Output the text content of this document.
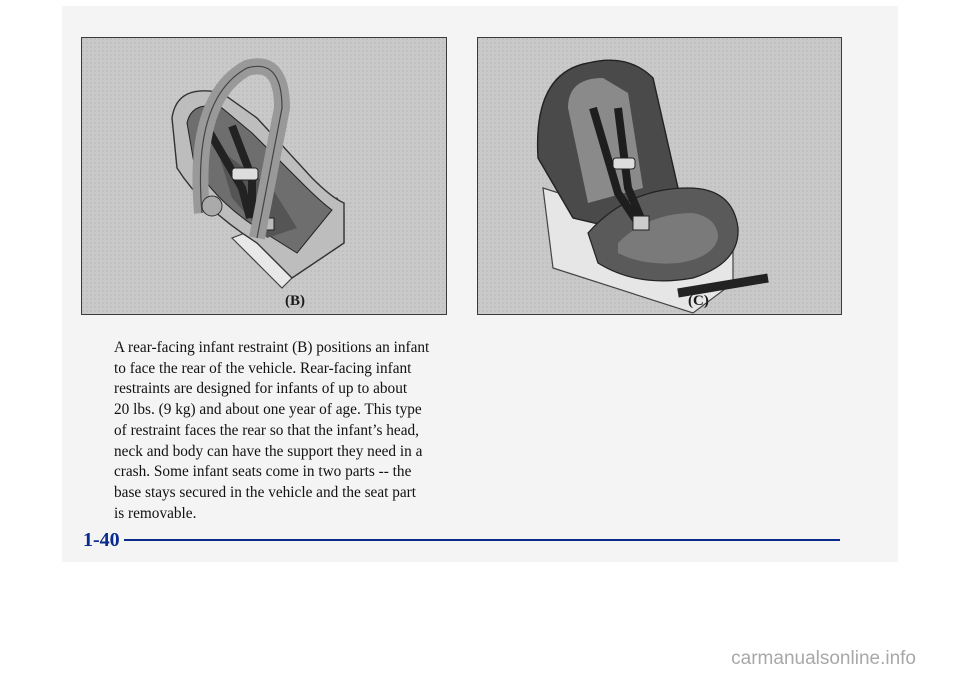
(B)	(C)
A rear-facing infant restraint (B) positions an infant
to face the rear of the vehicle. Rear-facing infant
restraints are designed for infants of up to about
20 lbs. (9 kg) and about one year of age. This type
of restraint faces the rear so that the infant’s head,
neck and body can have the support they need in a
crash. Some infant seats come in two parts -- the
base stays secured in the vehicle and the seat part
is removable.
1-40
carmanualsonline.info
